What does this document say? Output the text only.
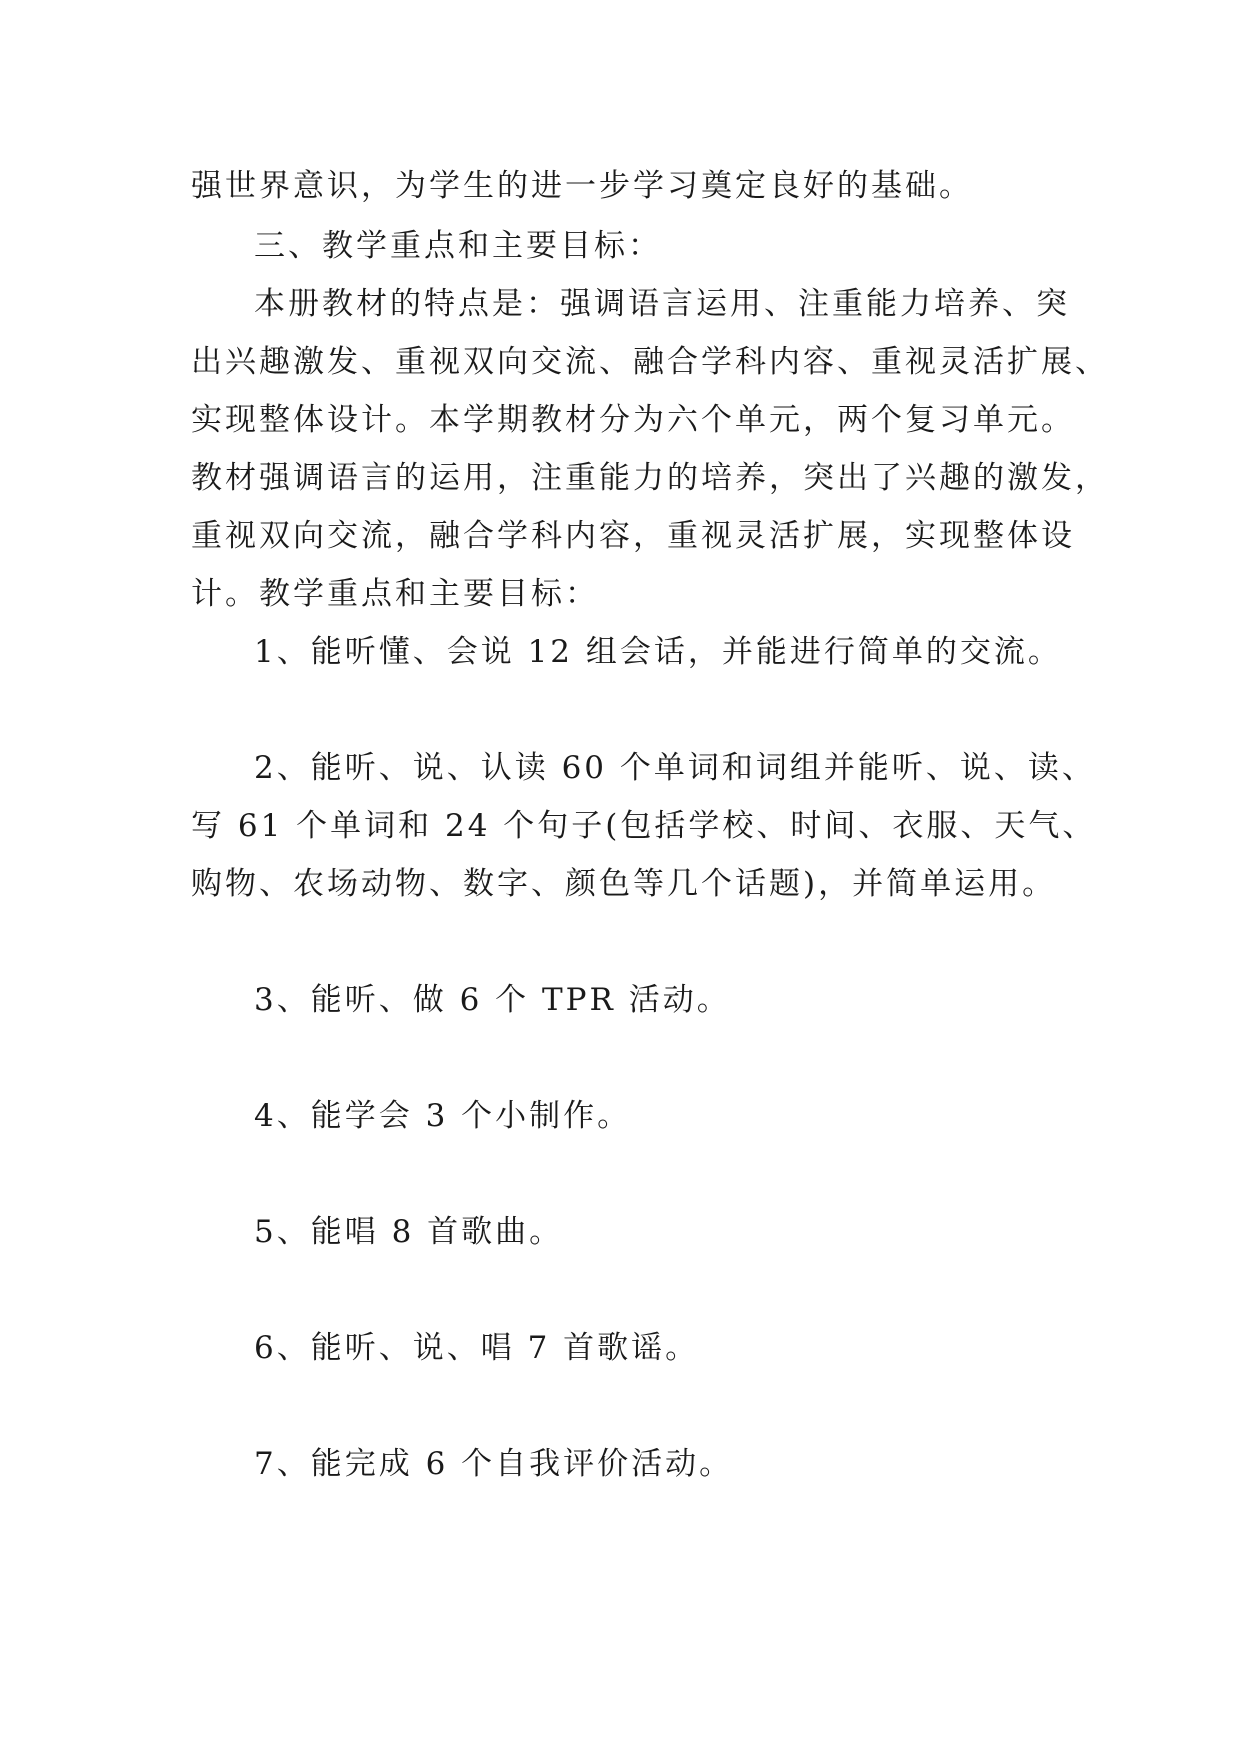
强世界意识，为学生的进一步学习奠定良好的基础。
三、教学重点和主要目标：
本册教材的特点是：强调语言运用、注重能力培养、突
出兴趣激发、重视双向交流、融合学科内容、重视灵活扩展、
实现整体设计。本学期教材分为六个单元，两个复习单元。
教材强调语言的运用，注重能力的培养，突出了兴趣的激发，
重视双向交流，融合学科内容，重视灵活扩展，实现整体设
计。教学重点和主要目标：
1、能听懂、会说 12 组会话，并能进行简单的交流。
2、能听、说、认读 60 个单词和词组并能听、说、读、
写 61 个单词和 24 个句子(包括学校、时间、衣服、天气、
购物、农场动物、数字、颜色等几个话题)，并简单运用。
3、能听、做 6 个 TPR 活动。
4、能学会 3 个小制作。
5、能唱 8 首歌曲。
6、能听、说、唱 7 首歌谣。
7、能完成 6 个自我评价活动。
